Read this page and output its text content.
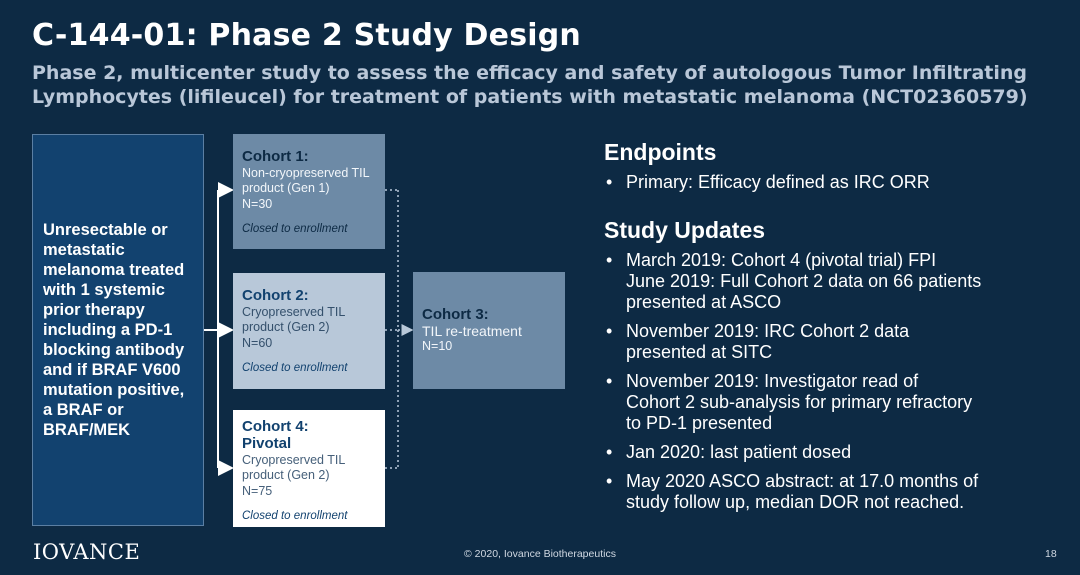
C-144-01: Phase 2 Study Design
Phase 2, multicenter study to assess the efficacy and safety of autologous Tumor Infiltrating Lymphocytes (lifileucel) for treatment of patients with metastatic melanoma (NCT02360579)
Unresectable or metastatic melanoma treated with 1 systemic prior therapy including a PD-1 blocking antibody and if BRAF V600 mutation positive, a BRAF or BRAF/MEK
Cohort 1:
Non-cryopreserved TIL product (Gen 1)
N=30
Closed to enrollment
Cohort 2:
Cryopreserved TIL product (Gen 2)
N=60
Closed to enrollment
Cohort 4:
Pivotal
Cryopreserved TIL product (Gen 2)
N=75
Closed to enrollment
Cohort 3:
TIL re-treatment
N=10
Endpoints
• Primary: Efficacy defined as IRC ORR
Study Updates
• March 2019: Cohort 4 (pivotal trial) FPI
June 2019: Full Cohort 2 data on 66 patients
presented at ASCO
• November 2019: IRC Cohort 2 data
presented at SITC
• November 2019: Investigator read of
Cohort 2 sub-analysis for primary refractory
to PD-1 presented
• Jan 2020: last patient dosed
• May 2020 ASCO abstract: at 17.0 months of
study follow up, median DOR not reached.
IOVANCE	© 2020, Iovance Biotherapeutics	18
